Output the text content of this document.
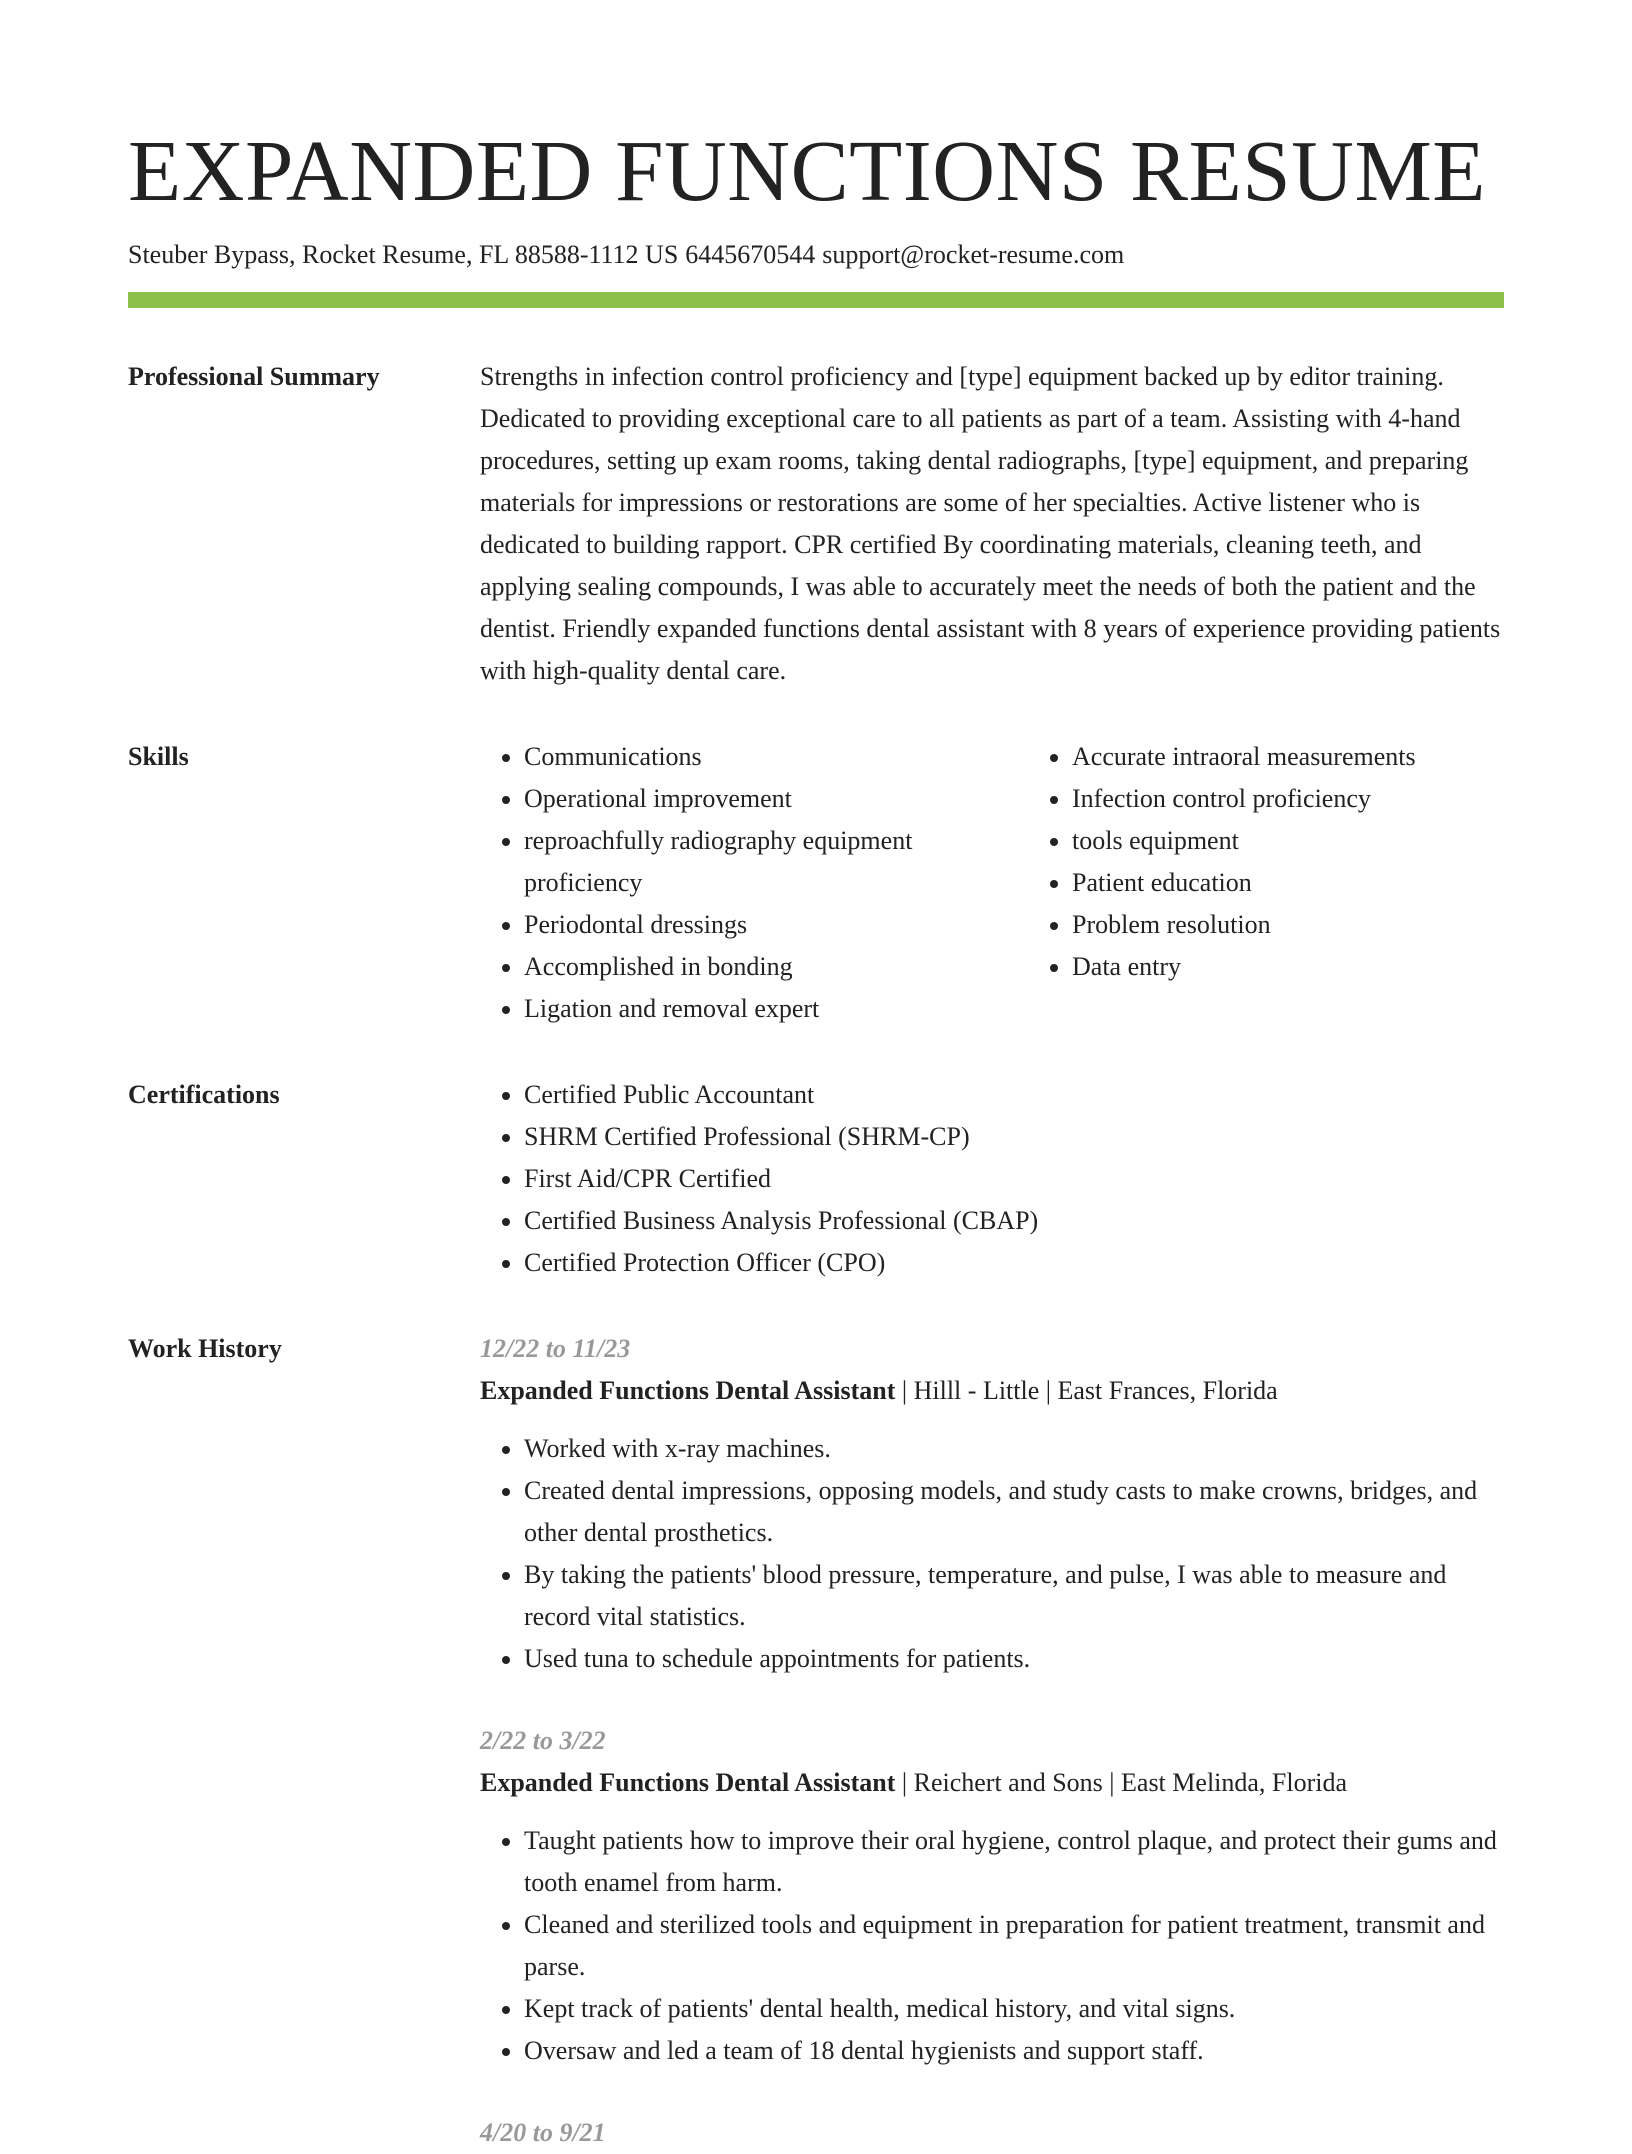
EXPANDED FUNCTIONS RESUME
Steuber Bypass, Rocket Resume, FL 88588-1112 US 6445670544 support@rocket-resume.com
Professional Summary	Strengths in infection control proficiency and [type] equipment backed up by editor training. Dedicated to providing exceptional care to all patients as part of a team. Assisting with 4-hand procedures, setting up exam rooms, taking dental radiographs, [type] equipment, and preparing materials for impressions or restorations are some of her specialties. Active listener who is dedicated to building rapport. CPR certified By coordinating materials, cleaning teeth, and applying sealing compounds, I was able to accurately meet the needs of both the patient and the dentist. Friendly expanded functions dental assistant with 8 years of experience providing patients with high-quality dental care.

Skills	• Communications
• Operational improvement
• reproachfully radiography equipment proficiency
• Periodontal dressings
• Accomplished in bonding
• Ligation and removal expert
• Accurate intraoral measurements
• Infection control proficiency
• tools equipment
• Patient education
• Problem resolution
• Data entry
Certifications	• Certified Public Accountant
• SHRM Certified Professional (SHRM-CP)
• First Aid/CPR Certified
• Certified Business Analysis Professional (CBAP)
• Certified Protection Officer (CPO)
Work History	12/22 to 11/23
Expanded Functions Dental Assistant | Hilll - Little | East Frances, Florida
• Worked with x-ray machines.
• Created dental impressions, opposing models, and study casts to make crowns, bridges, and other dental prosthetics.
• By taking the patients' blood pressure, temperature, and pulse, I was able to measure and record vital statistics.
• Used tuna to schedule appointments for patients.
2/22 to 3/22
Expanded Functions Dental Assistant | Reichert and Sons | East Melinda, Florida
• Taught patients how to improve their oral hygiene, control plaque, and protect their gums and tooth enamel from harm.
• Cleaned and sterilized tools and equipment in preparation for patient treatment, transmit and parse.
• Kept track of patients' dental health, medical history, and vital signs.
• Oversaw and led a team of 18 dental hygienists and support staff.
4/20 to 9/21
